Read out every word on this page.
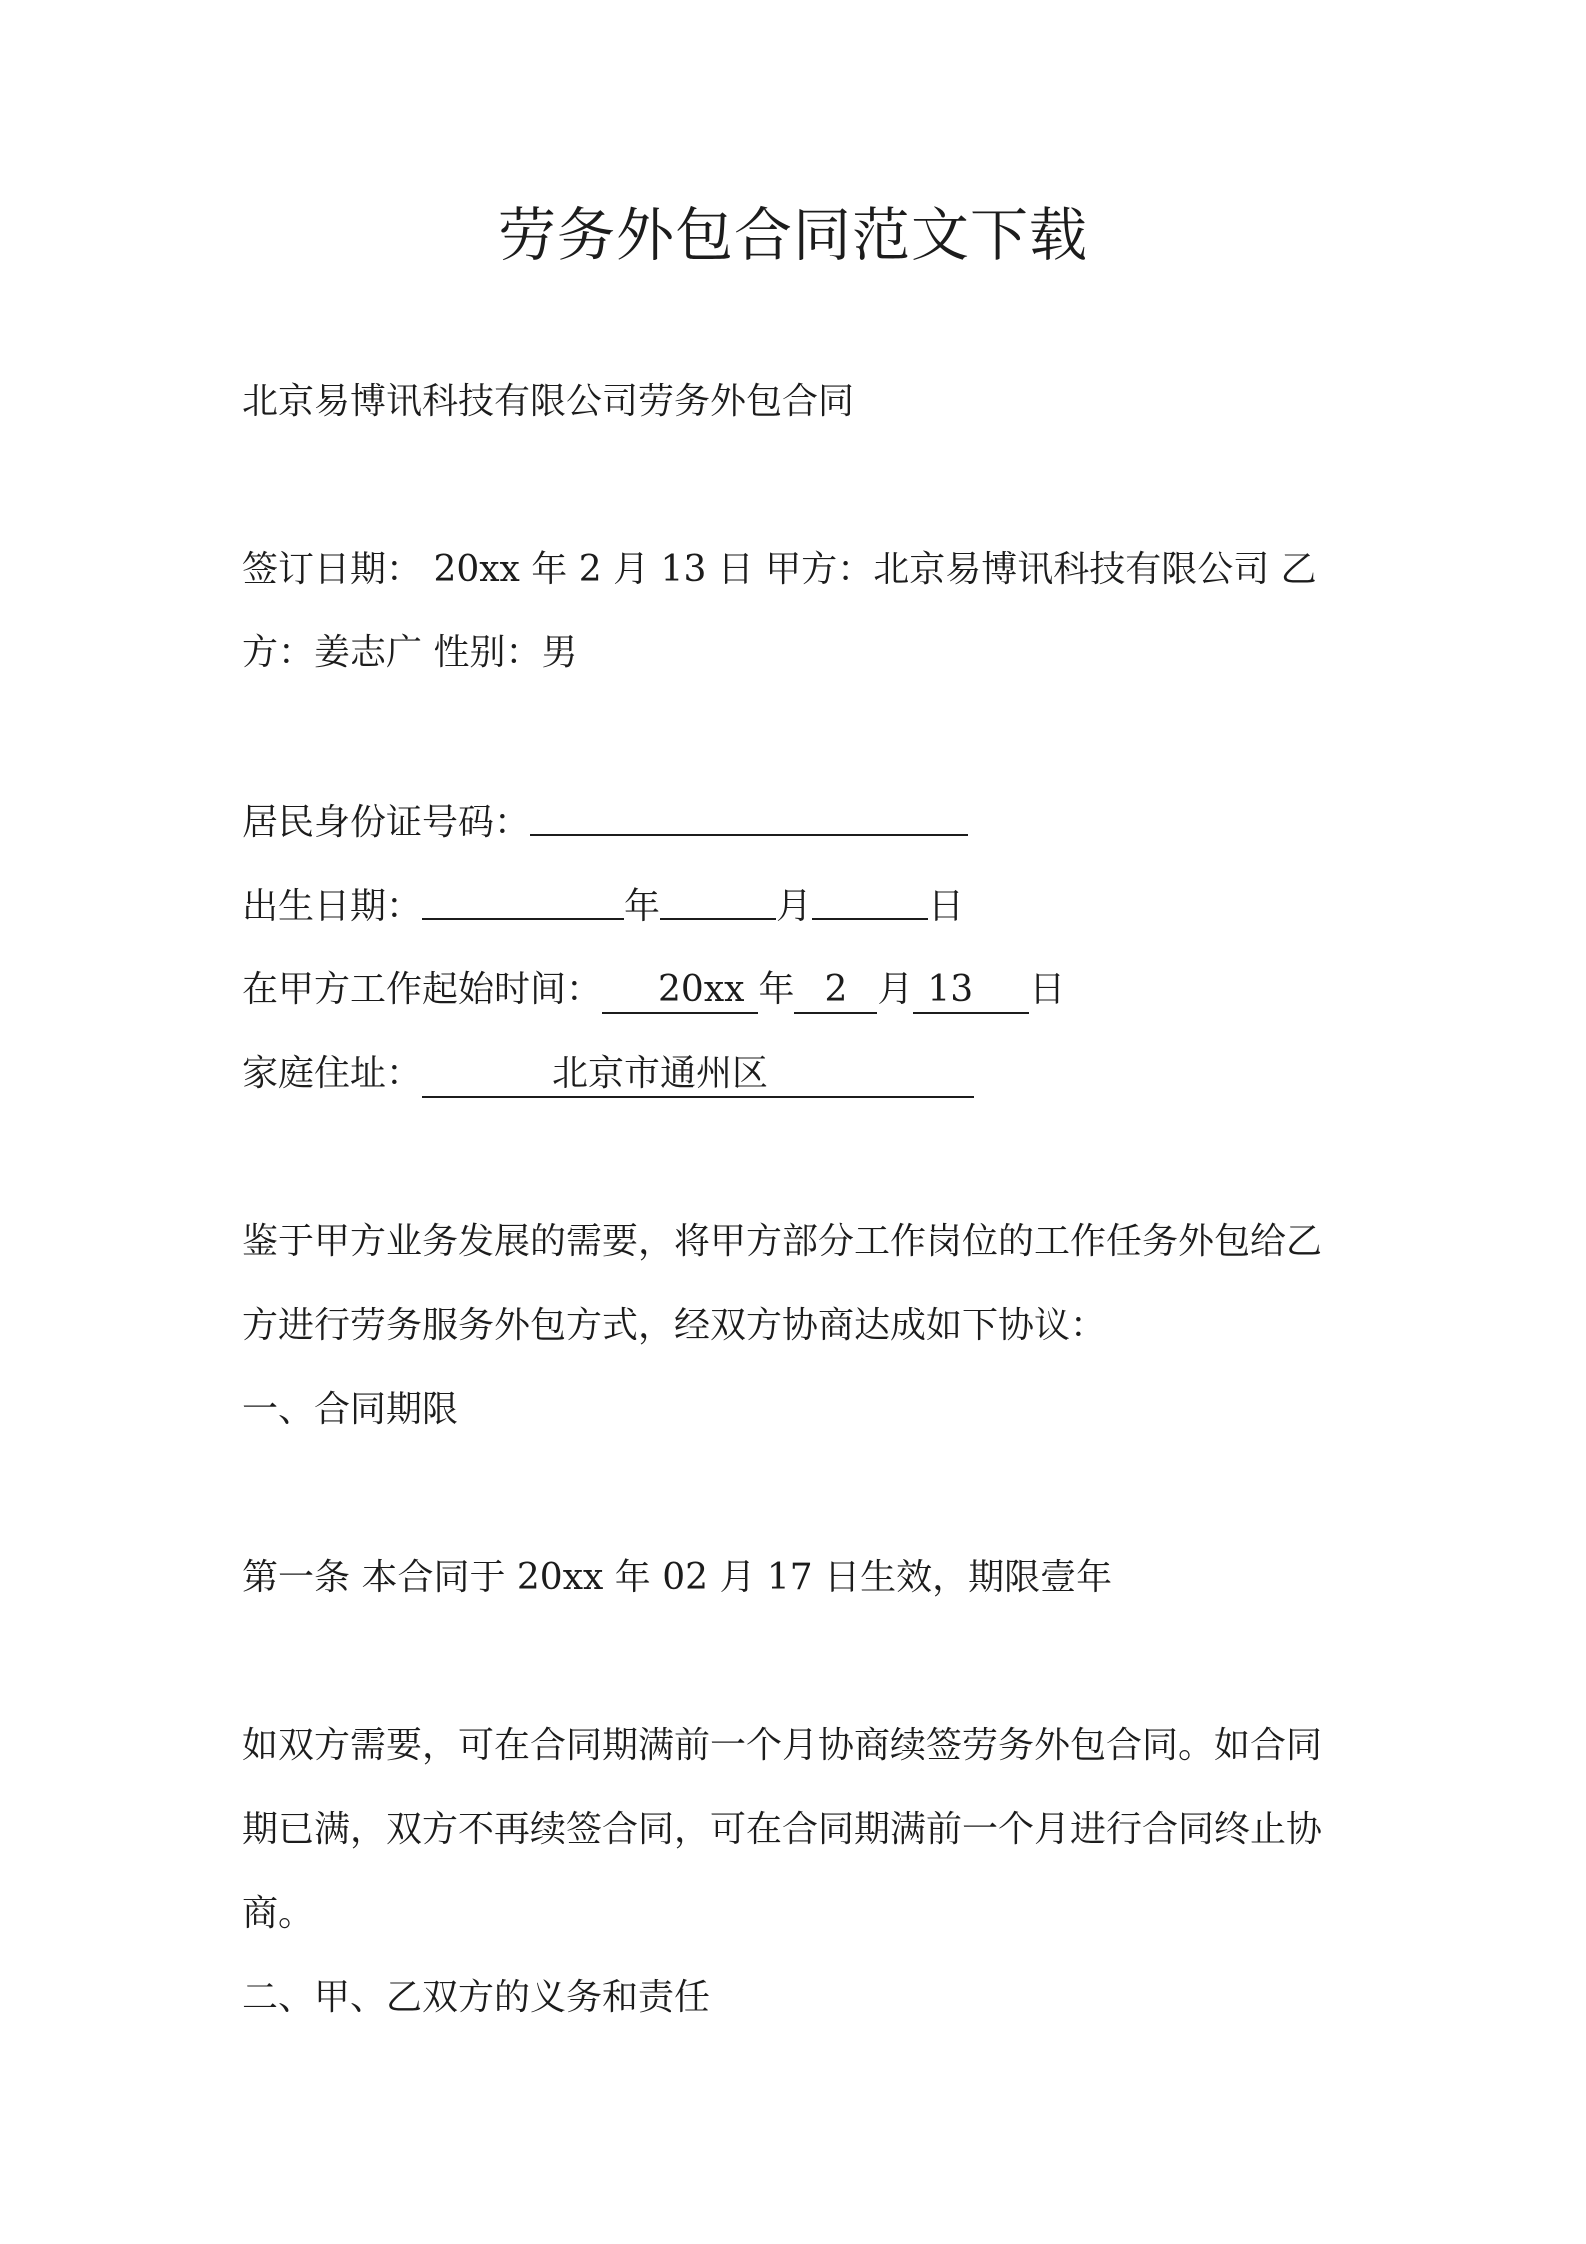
劳务外包合同范文下载

北京易博讯科技有限公司劳务外包合同

签订日期： 20xx 年 2 月 13 日 甲方：北京易博讯科技有限公司 乙

方：姜志广 性别：男

居民身份证号码：

出生日期：	年	月	日

在甲方工作起始时间： 20xx 年 2 月 13 日

家庭住址：	北京市通州区

鉴于甲方业务发展的需要，将甲方部分工作岗位的工作任务外包给乙

方进行劳务服务外包方式，经双方协商达成如下协议：

一、合同期限

第一条 本合同于 20xx 年 02 月 17 日生效，期限壹年

如双方需要，可在合同期满前一个月协商续签劳务外包合同。如合同

期已满，双方不再续签合同，可在合同期满前一个月进行合同终止协

商。

二、甲、乙双方的义务和责任
